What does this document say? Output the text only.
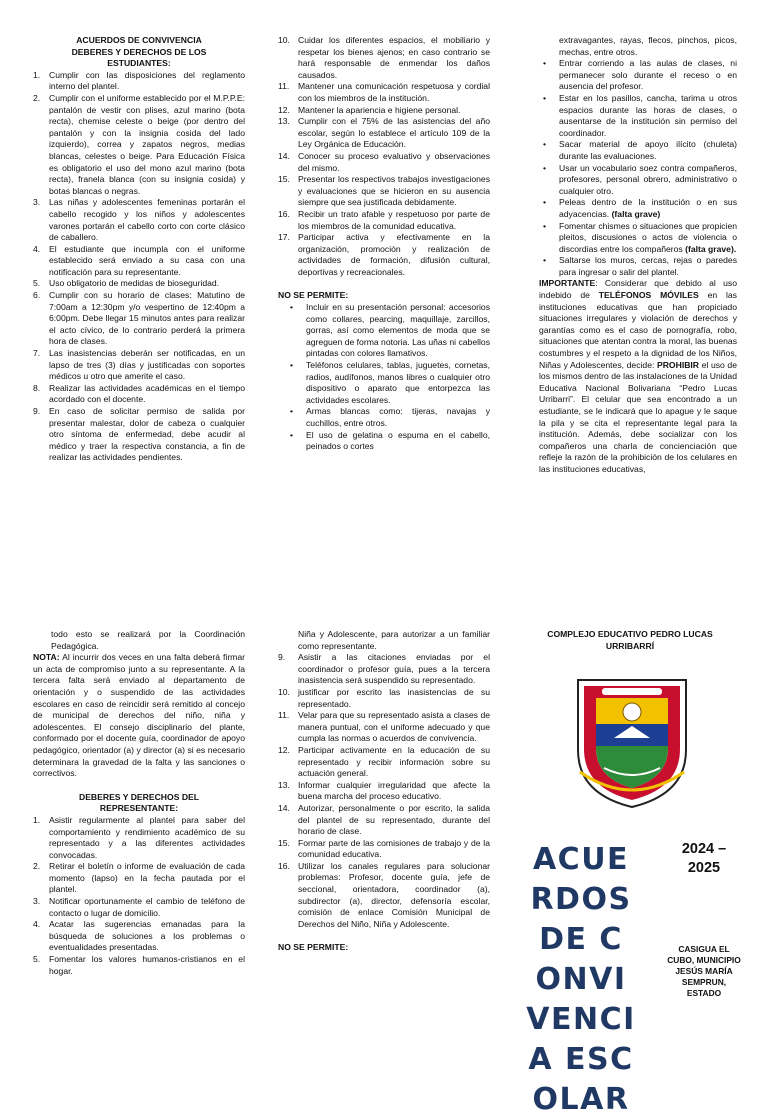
ACUERDOS DE CONVIVENCIA
DEBERES Y DERECHOS DE LOS
ESTUDIANTES:
1. Cumplir con las disposiciones del reglamento interno del plantel.
2. Cumplir con el uniforme establecido por el M.P.P.E: pantalón de vestir con plises, azul marino (bota recta), chemise celeste o beige (por dentro del pantalón y con la insignia cosida del lado izquierdo), correa y zapatos negros, medias blancas, celestes o beige. Para Educación Física es obligatorio el uso del mono azul marino (bota recta), franela blanca (con su insignia cosida) y botas blancas o negras.
3. Las niñas y adolescentes femeninas portarán el cabello recogido y los niños y adolescentes varones portarán el cabello corto con corte clásico de caballero.
4. El estudiante que incumpla con el uniforme establecido será enviado a su casa con una notificación para su representante.
5. Uso obligatorio de medidas de bioseguridad.
6. Cumplir con su horario de clases: Matutino de 7:00am a 12:30pm y/o vespertino de 12:40pm a 6:00pm. Debe llegar 15 minutos antes para realizar el acto cívico, de lo contrario perderá la primera hora de clases.
7. Las inasistencias deberán ser notificadas, en un lapso de tres (3) días y justificadas con soportes médicos u otro que amerite el caso.
8. Realizar las actividades académicas en el tiempo acordado con el docente.
9. En caso de solicitar permiso de salida por presentar malestar, dolor de cabeza o cualquier otro síntoma de enfermedad, debe acudir al médico y traer la respectiva constancia, a fin de realizar las actividades pendientes.
10. Cuidar los diferentes espacios, el mobiliario y respetar los bienes ajenos; en caso contrario se hará responsable de enmendar los daños causados.
11. Mantener una comunicación respetuosa y cordial con los miembros de la institución.
12. Mantener la apariencia e higiene personal.
13. Cumplir con el 75% de las asistencias del año escolar, según lo establece el artículo 109 de la Ley Orgánica de Educación.
14. Conocer su proceso evaluativo y observaciones del mismo.
15. Presentar los respectivos trabajos investigaciones y evaluaciones que se hicieron en su ausencia siempre que sea justificada debidamente.
16. Recibir un trato afable y respetuoso por parte de los miembros de la comunidad educativa.
17. Participar activa y efectivamente en la organización, promoción y realización de actividades de formación, difusión cultural, deportivas y recreacionales.
NO SE PERMITE:
• Incluir en su presentación personal: accesorios como collares, pearcing, maquillaje, zarcillos, gorras, así como elementos de moda que se agreguen de forma notoria. Las uñas ni cabellos pintadas con colores llamativos.
• Teléfonos celulares, tablas, juguetes, cornetas, radios, audífonos, manos libres o cualquier otro dispositivo o aparato que entorpezca las actividades escolares.
• Armas blancas como: tijeras, navajas y cuchillos, entre otros.
• El uso de gelatina o espuma en el cabello, peinados o cortes
extravagantes, rayas, flecos, pinchos, picos, mechas, entre otros.
• Entrar corriendo a las aulas de clases, ni permanecer solo durante el receso o en ausencia del profesor.
• Estar en los pasillos, cancha, tarima u otros espacios durante las horas de clases, o ausentarse de la institución sin permiso del coordinador.
• Sacar material de apoyo ilícito (chuleta) durante las evaluaciones.
• Usar un vocabulario soez contra compañeros, profesores, personal obrero, administrativo o cualquier otro.
• Peleas dentro de la institución o en sus adyacencias. (falta grave)
• Fomentar chismes o situaciones que propicien pleitos, discusiones o actos de violencia o discordias entre los compañeros (falta grave).
• Saltarse los muros, cercas, rejas o paredes para ingresar o salir del plantel.
IMPORTANTE: Considerar que debido al uso indebido de TELÉFONOS MÓVILES en las instituciones educativas que han propiciado situaciones irregulares y violación de derechos y garantías como es el caso de pornografía, robo, situaciones que atentan contra la moral, las buenas costumbres y el respeto a la dignidad de los Niños, Niñas y Adolescentes, decide: PROHIBIR el uso de los mismos dentro de las instalaciones de la Unidad Educativa Nacional Bolivariana “Pedro Lucas Urribarri”. El celular que sea encontrado a un estudiante, se le indicará que lo apague y le saque la pila y se cita el representante legal para la institución. Además, debe socializar con los compañeros una charla de concienciación que refleje la razón de la prohibición de los celulares en las instituciones educativas,
todo esto se realizará por la Coordinación Pedagógica.
NOTA: Al incurrir dos veces en una falta deberá firmar un acta de compromiso junto a su representante. A la tercera falta será enviado al departamento de orientación y o suspendido de las actividades escolares en caso de reincidir será remitido al concejo de municipal de derechos del niño, niña y adolescentes. El consejo disciplinario del plante, conformado por el docente guía, coordinador de apoyo pedagógico, orientador (a) y director (a) si es necesario determinara la gravedad de la falta y las sanciones o correctivos.
DEBERES Y DERECHOS DEL
REPRESENTANTE:
1. Asistir regularmente al plantel para saber del comportamiento y rendimiento académico de su representado y a las diferentes actividades convocadas.
2. Retirar el boletín o informe de evaluación de cada momento (lapso) en la fecha pautada por el plantel.
3. Notificar oportunamente el cambio de teléfono de contacto o lugar de domicilio.
4. Acatar las sugerencias emanadas para la búsqueda de soluciones a los problemas o eventualidades presentadas.
5. Fomentar los valores humanos-cristianos en el hogar.
Niña y Adolescente, para autorizar a un familiar como representante.
9. Asistir a las citaciones enviadas por el coordinador o profesor guía, pues a la tercera inasistencia será suspendido su representado.
10. justificar por escrito las inasistencias de su representado.
11. Velar para que su representado asista a clases de manera puntual, con el uniforme adecuado y que cumpla las normas o acuerdos de convivencia.
12. Participar activamente en la educación de su representado y recibir información sobre su actuación general.
13. Informar cualquier irregularidad que afecte la buena marcha del proceso educativo.
14. Autorizar, personalmente o por escrito, la salida del plantel de su representado, durante del horario de clase.
15. Formar parte de las comisiones de trabajo y de la comunidad educativa.
16. Utilizar los canales regulares para solucionar problemas: Profesor, docente guía, jefe de seccional, orientadora, coordinador (a), subdirector (a), director, defensoría escolar, comisión de enlace Comisión Municipal de Derechos del Niño, Niña y Adolescente.
NO SE PERMITE:
COMPLEJO EDUCATIVO PEDRO LUCAS URRIBARRÍ
ACUERDOS DE CONVIVENCIA ESCOLAR
2024 – 2025
CASIGUA EL CUBO, MUNICIPIO JESÚS MARÍA SEMPRUN, ESTADO
